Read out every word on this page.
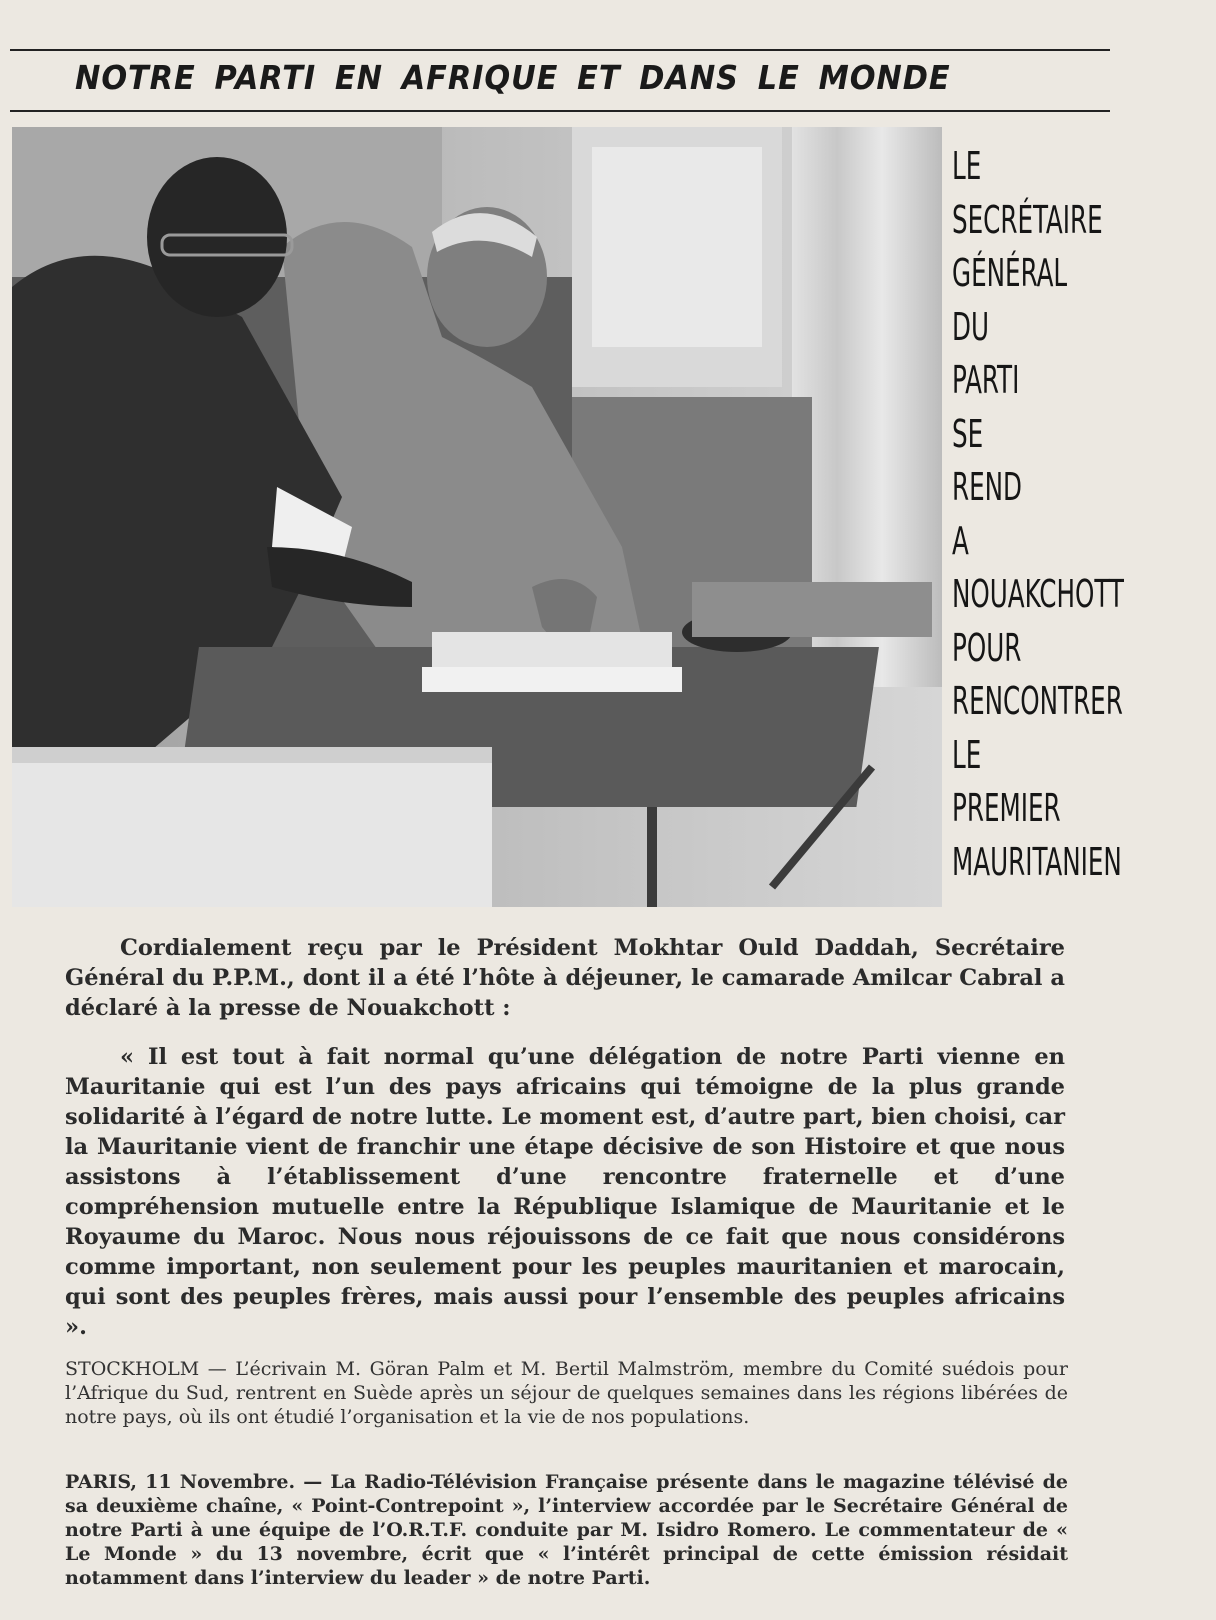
NOTRE PARTI EN AFRIQUE ET DANS LE MONDE
LE
SECRÉTAIRE
GÉNÉRAL
DU
PARTI
SE
REND
A
NOUAKCHOTT
POUR
RENCONTRER
LE
PREMIER
MAURITANIEN

Cordialement reçu par le Président Mokhtar Ould Daddah, Secrétaire Général du P.P.M., dont il a été l’hôte à déjeuner, le camarade Amilcar Cabral a déclaré à la presse de Nouakchott :

« Il est tout à fait normal qu’une délégation de notre Parti vienne en Mauritanie qui est l’un des pays africains qui témoigne de la plus grande solidarité à l’égard de notre lutte. Le moment est, d’autre part, bien choisi, car la Mauritanie vient de franchir une étape décisive de son Histoire et que nous assistons à l’établissement d’une rencontre fraternelle et d’une compréhension mutuelle entre la République Islamique de Mauritanie et le Royaume du Maroc. Nous nous réjouissons de ce fait que nous considérons comme important, non seulement pour les peuples mauritanien et marocain, qui sont des peuples frères, mais aussi pour l’ensemble des peuples africains ».

STOCKHOLM — L’écrivain M. Göran Palm et M. Bertil Malmström, membre du Comité suédois pour l’Afrique du Sud, rentrent en Suède après un séjour de quelques semaines dans les régions libérées de notre pays, où ils ont étudié l’organisation et la vie de nos populations.

PARIS, 11 Novembre. — La Radio-Télévision Française présente dans le magazine télévisé de sa deuxième chaîne, « Point-Contrepoint », l’interview accordée par le Secrétaire Général de notre Parti à une équipe de l’O.R.T.F. conduite par M. Isidro Romero. Le commentateur de « Le Monde » du 13 novembre, écrit que « l’intérêt principal de cette émission résidait notamment dans l’interview du leader » de notre Parti.
